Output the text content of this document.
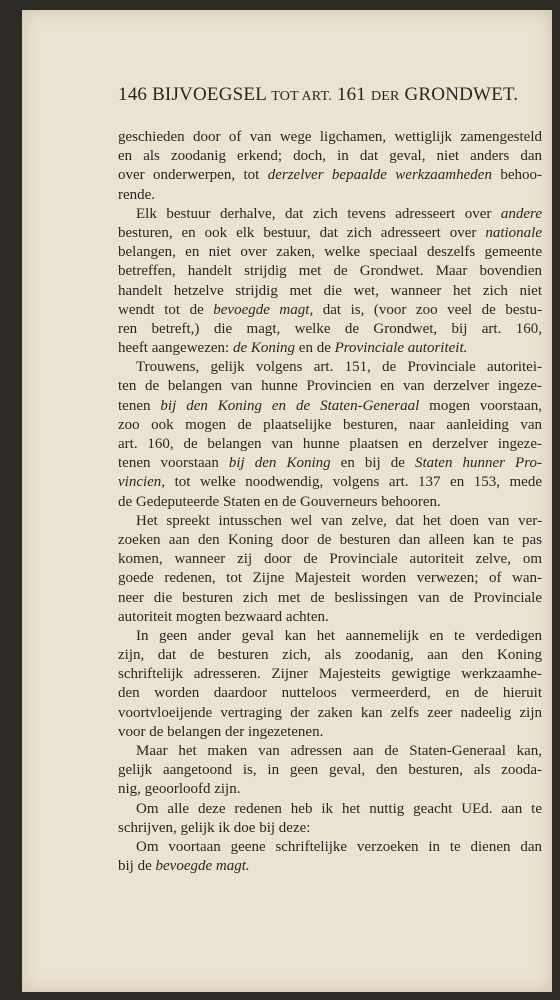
146 BIJVOEGSEL TOT ART. 161 DER GRONDWET.
geschieden door of van wege ligchamen, wettiglijk zamengesteld
en als zoodanig erkend; doch, in dat geval, niet anders dan
over onderwerpen, tot derzelver bepaalde werkzaamheden behoo-
rende.
Elk bestuur derhalve, dat zich tevens adresseert over andere
besturen, en ook elk bestuur, dat zich adresseert over nationale
belangen, en niet over zaken, welke speciaal deszelfs gemeente
betreffen, handelt strijdig met de Grondwet. Maar bovendien
handelt hetzelve strijdig met die wet, wanneer het zich niet
wendt tot de bevoegde magt, dat is, (voor zoo veel de bestu-
ren betreft,) die magt, welke de Grondwet, bij art. 160,
heeft aangewezen: de Koning en de Provinciale autoriteit.
Trouwens, gelijk volgens art. 151, de Provinciale autoritei-
ten de belangen van hunne Provincien en van derzelver ingeze-
tenen bij den Koning en de Staten-Generaal mogen voorstaan,
zoo ook mogen de plaatselijke besturen, naar aanleiding van
art. 160, de belangen van hunne plaatsen en derzelver ingeze-
tenen voorstaan bij den Koning en bij de Staten hunner Pro-
vincien, tot welke noodwendig, volgens art. 137 en 153, mede
de Gedeputeerde Staten en de Gouverneurs behooren.
Het spreekt intusschen wel van zelve, dat het doen van ver-
zoeken aan den Koning door de besturen dan alleen kan te pas
komen, wanneer zij door de Provinciale autoriteit zelve, om
goede redenen, tot Zijne Majesteit worden verwezen; of wan-
neer die besturen zich met de beslissingen van de Provinciale
autoriteit mogten bezwaard achten.
In geen ander geval kan het aannemelijk en te verdedigen
zijn, dat de besturen zich, als zoodanig, aan den Koning
schriftelijk adresseren. Zijner Majesteits gewigtige werkzaamhe-
den worden daardoor nutteloos vermeerderd, en de hieruit
voortvloeijende vertraging der zaken kan zelfs zeer nadeelig zijn
voor de belangen der ingezetenen.
Maar het maken van adressen aan de Staten-Generaal kan,
gelijk aangetoond is, in geen geval, den besturen, als zooda-
nig, geoorloofd zijn.
Om alle deze redenen heb ik het nuttig geacht UEd. aan te
schrijven, gelijk ik doe bij deze:
Om voortaan geene schriftelijke verzoeken in te dienen dan
bij de bevoegde magt.
